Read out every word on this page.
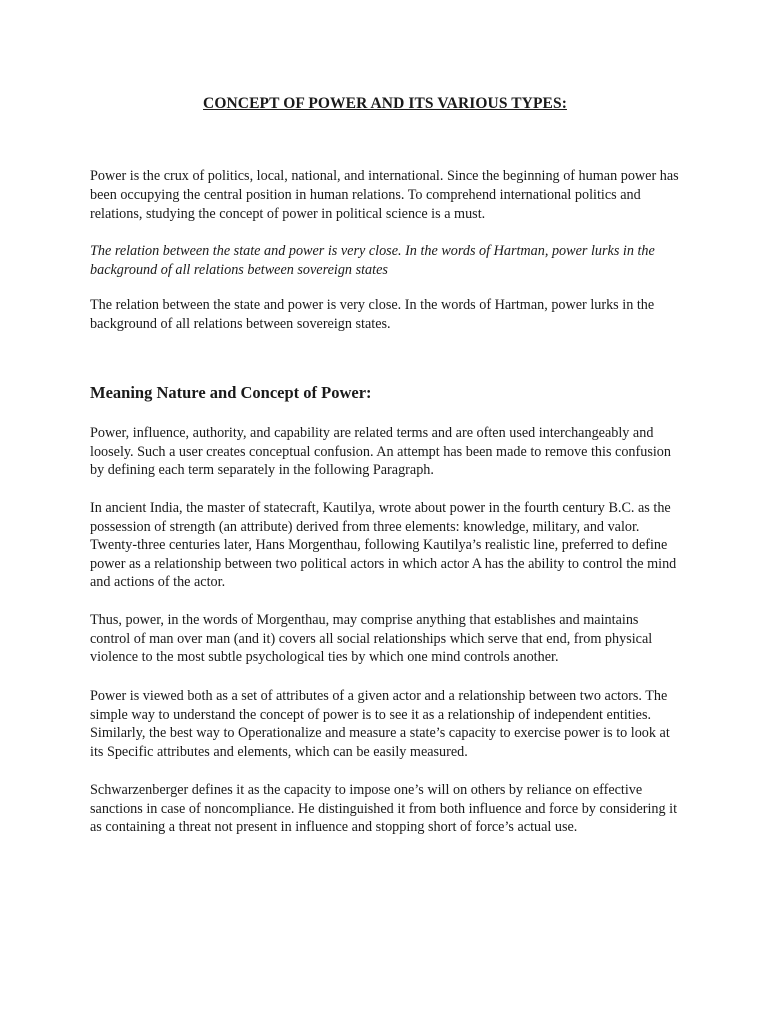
CONCEPT OF POWER AND ITS VARIOUS TYPES:

Power is the crux of politics, local, national, and international. Since the beginning of human power has been occupying the central position in human relations. To comprehend international politics and relations, studying the concept of power in political science is a must.

The relation between the state and power is very close. In the words of Hartman, power lurks in the background of all relations between sovereign states

The relation between the state and power is very close. In the words of Hartman, power lurks in the background of all relations between sovereign states.

Meaning Nature and Concept of Power:

Power, influence, authority, and capability are related terms and are often used interchangeably and loosely. Such a user creates conceptual confusion. An attempt has been made to remove this confusion by defining each term separately in the following Paragraph.

In ancient India, the master of statecraft, Kautilya, wrote about power in the fourth century B.C. as the possession of strength (an attribute) derived from three elements: knowledge, military, and valor. Twenty-three centuries later, Hans Morgenthau, following Kautilya’s realistic line, preferred to define power as a relationship between two political actors in which actor A has the ability to control the mind and actions of the actor.

Thus, power, in the words of Morgenthau, may comprise anything that establishes and maintains control of man over man (and it) covers all social relationships which serve that end, from physical violence to the most subtle psychological ties by which one mind controls another.

Power is viewed both as a set of attributes of a given actor and a relationship between two actors. The simple way to understand the concept of power is to see it as a relationship of independent entities. Similarly, the best way to Operationalize and measure a state’s capacity to exercise power is to look at its Specific attributes and elements, which can be easily measured.

Schwarzenberger defines it as the capacity to impose one’s will on others by reliance on effective sanctions in case of noncompliance. He distinguished it from both influence and force by considering it as containing a threat not present in influence and stopping short of force’s actual use.
